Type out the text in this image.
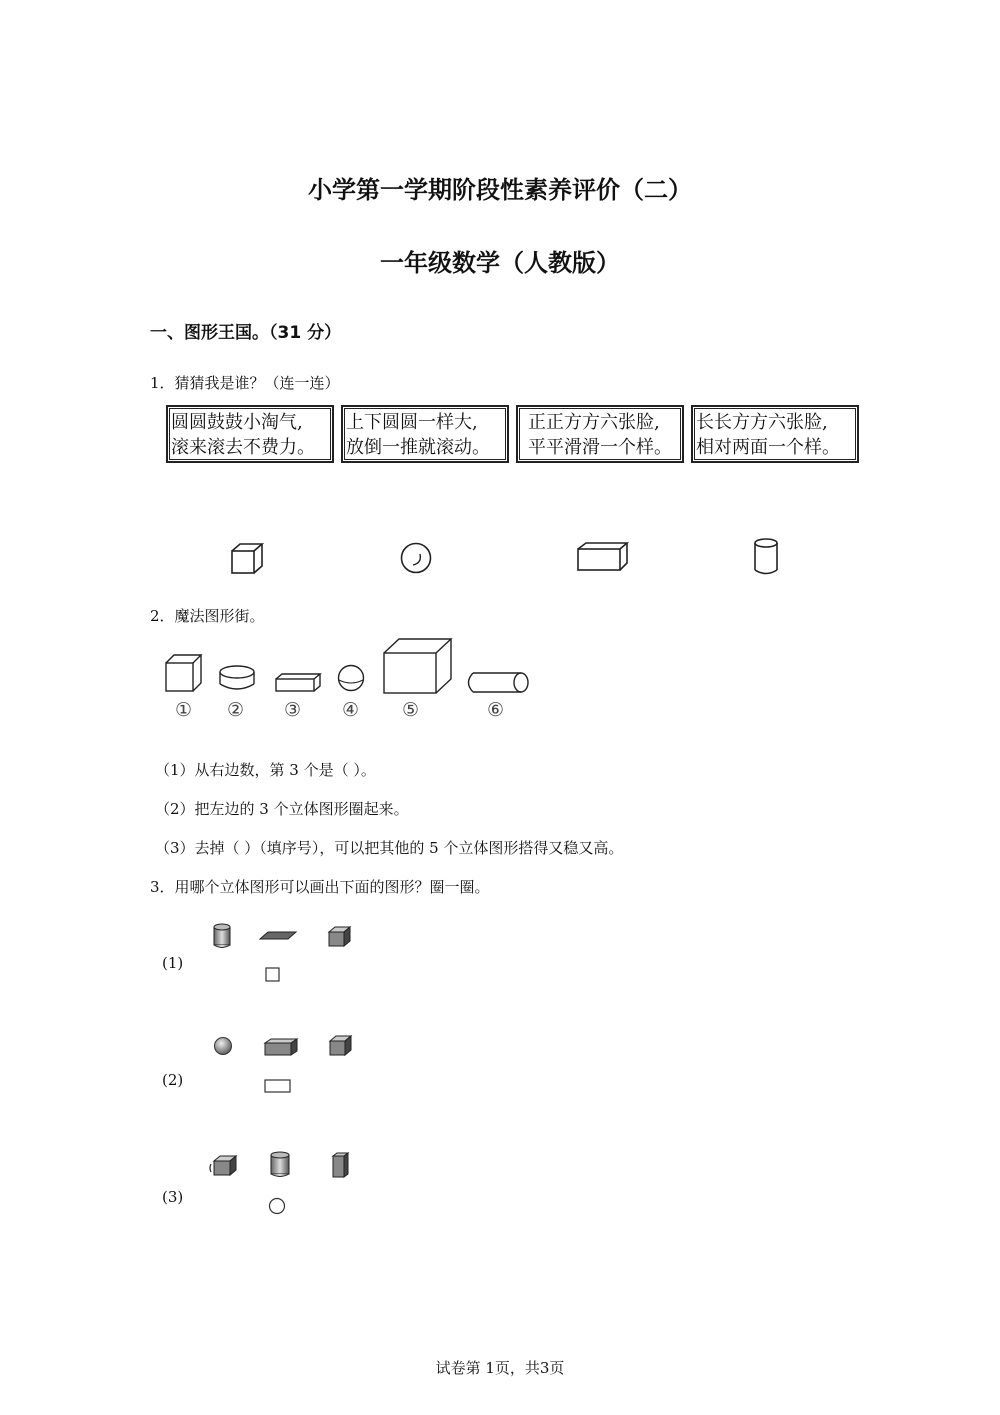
小学第一学期阶段性素养评价（二）
一年级数学（人教版）
一、图形王国。（31 分）
1．猜猜我是谁？（连一连）
圆圆鼓鼓小淘气,
滚来滚去不费力。
上下圆圆一样大,
放倒一推就滚动。
正正方方六张脸,
平平滑滑一个样。
长长方方六张脸,
相对两面一个样。
2．魔法图形街。
① ② ③ ④ ⑤	⑥
（1）从右边数，第 3 个是（ ）。
（2）把左边的 3 个立体图形圈起来。
（3）去掉（ ）（填序号），可以把其他的 5 个立体图形搭得又稳又高。
3．用哪个立体图形可以画出下面的图形？圈一圈。
(1)
(2)
(3)
试卷第 1页，共3页
